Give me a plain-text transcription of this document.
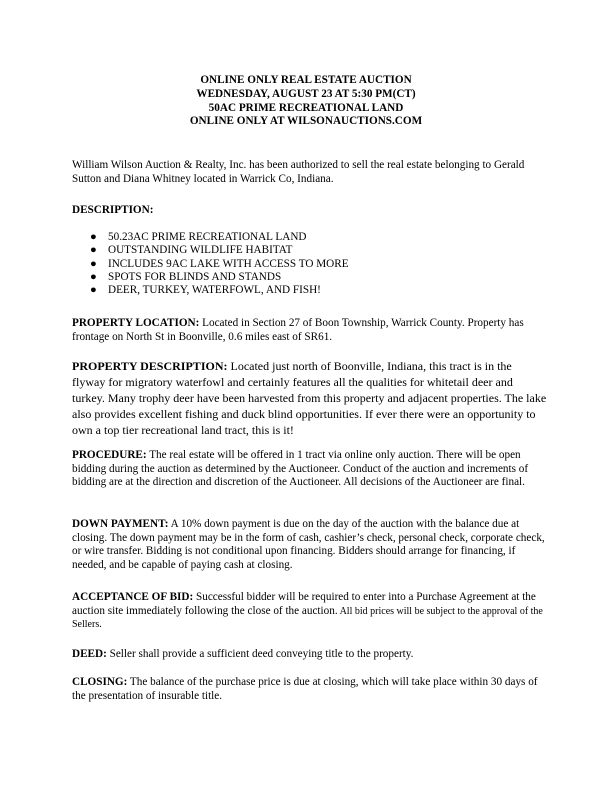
ONLINE ONLY REAL ESTATE AUCTION
WEDNESDAY, AUGUST 23 AT 5:30 PM(CT)
50AC PRIME RECREATIONAL LAND
ONLINE ONLY AT WILSONAUCTIONS.COM
William Wilson Auction & Realty, Inc. has been authorized to sell the real estate belonging to Gerald Sutton and Diana Whitney located in Warrick Co, Indiana.
DESCRIPTION:
● 50.23AC PRIME RECREATIONAL LAND
● OUTSTANDING WILDLIFE HABITAT
● INCLUDES 9AC LAKE WITH ACCESS TO MORE
● SPOTS FOR BLINDS AND STANDS
● DEER, TURKEY, WATERFOWL, AND FISH!
PROPERTY LOCATION: Located in Section 27 of Boon Township, Warrick County. Property has frontage on North St in Boonville, 0.6 miles east of SR61.
PROPERTY DESCRIPTION: Located just north of Boonville, Indiana, this tract is in the flyway for migratory waterfowl and certainly features all the qualities for whitetail deer and turkey. Many trophy deer have been harvested from this property and adjacent properties. The lake also provides excellent fishing and duck blind opportunities. If ever there were an opportunity to own a top tier recreational land tract, this is it!
PROCEDURE: The real estate will be offered in 1 tract via online only auction. There will be open bidding during the auction as determined by the Auctioneer. Conduct of the auction and increments of bidding are at the direction and discretion of the Auctioneer. All decisions of the Auctioneer are final.
DOWN PAYMENT: A 10% down payment is due on the day of the auction with the balance due at closing. The down payment may be in the form of cash, cashier’s check, personal check, corporate check, or wire transfer. Bidding is not conditional upon financing. Bidders should arrange for financing, if needed, and be capable of paying cash at closing.
ACCEPTANCE OF BID: Successful bidder will be required to enter into a Purchase Agreement at the auction site immediately following the close of the auction. All bid prices will be subject to the approval of the Sellers.
DEED: Seller shall provide a sufficient deed conveying title to the property.
CLOSING: The balance of the purchase price is due at closing, which will take place within 30 days of the presentation of insurable title.
